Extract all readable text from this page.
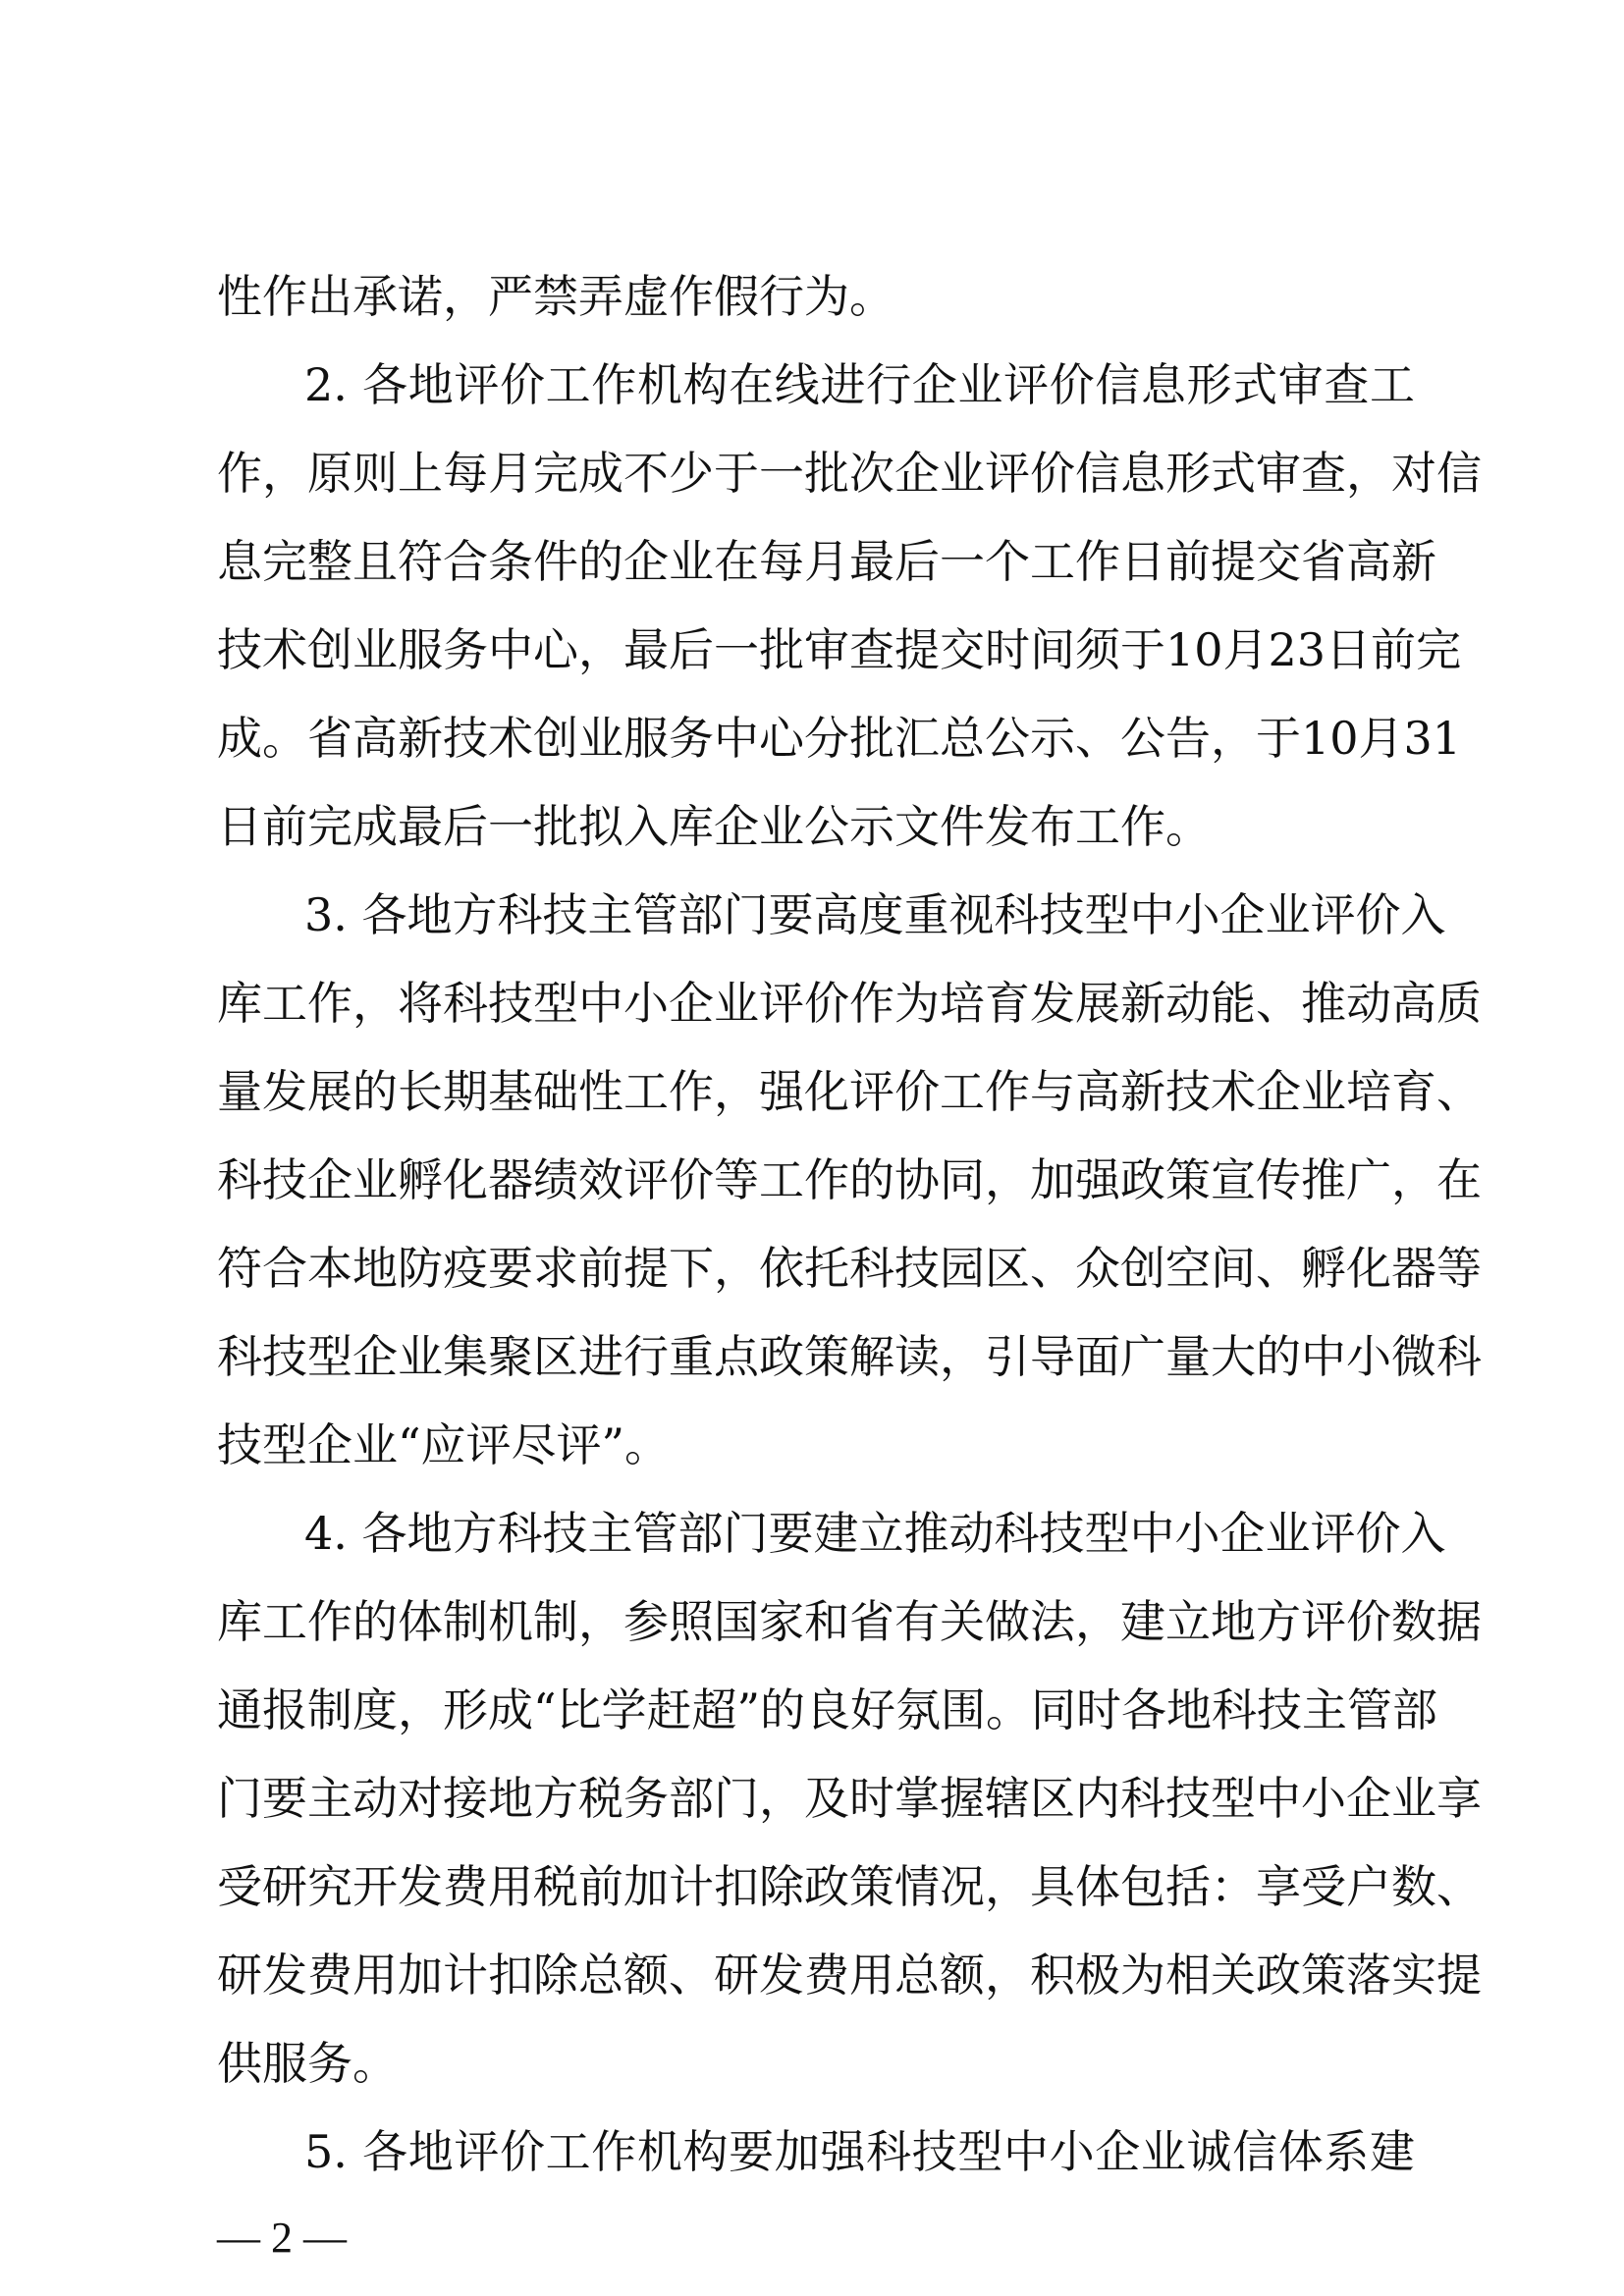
性作出承诺，严禁弄虚作假行为。
2. 各地评价工作机构在线进行企业评价信息形式审查工
作，原则上每月完成不少于一批次企业评价信息形式审查，对信
息完整且符合条件的企业在每月最后一个工作日前提交省高新
技术创业服务中心，最后一批审查提交时间须于10月23日前完
成。省高新技术创业服务中心分批汇总公示、公告，于10月31
日前完成最后一批拟入库企业公示文件发布工作。
3. 各地方科技主管部门要高度重视科技型中小企业评价入
库工作，将科技型中小企业评价作为培育发展新动能、推动高质
量发展的长期基础性工作，强化评价工作与高新技术企业培育、
科技企业孵化器绩效评价等工作的协同，加强政策宣传推广，在
符合本地防疫要求前提下，依托科技园区、众创空间、孵化器等
科技型企业集聚区进行重点政策解读，引导面广量大的中小微科
技型企业“应评尽评”。
4. 各地方科技主管部门要建立推动科技型中小企业评价入
库工作的体制机制，参照国家和省有关做法，建立地方评价数据
通报制度，形成“比学赶超”的良好氛围。同时各地科技主管部
门要主动对接地方税务部门，及时掌握辖区内科技型中小企业享
受研究开发费用税前加计扣除政策情况，具体包括：享受户数、
研发费用加计扣除总额、研发费用总额，积极为相关政策落实提
供服务。
5. 各地评价工作机构要加强科技型中小企业诚信体系建
— 2 —
